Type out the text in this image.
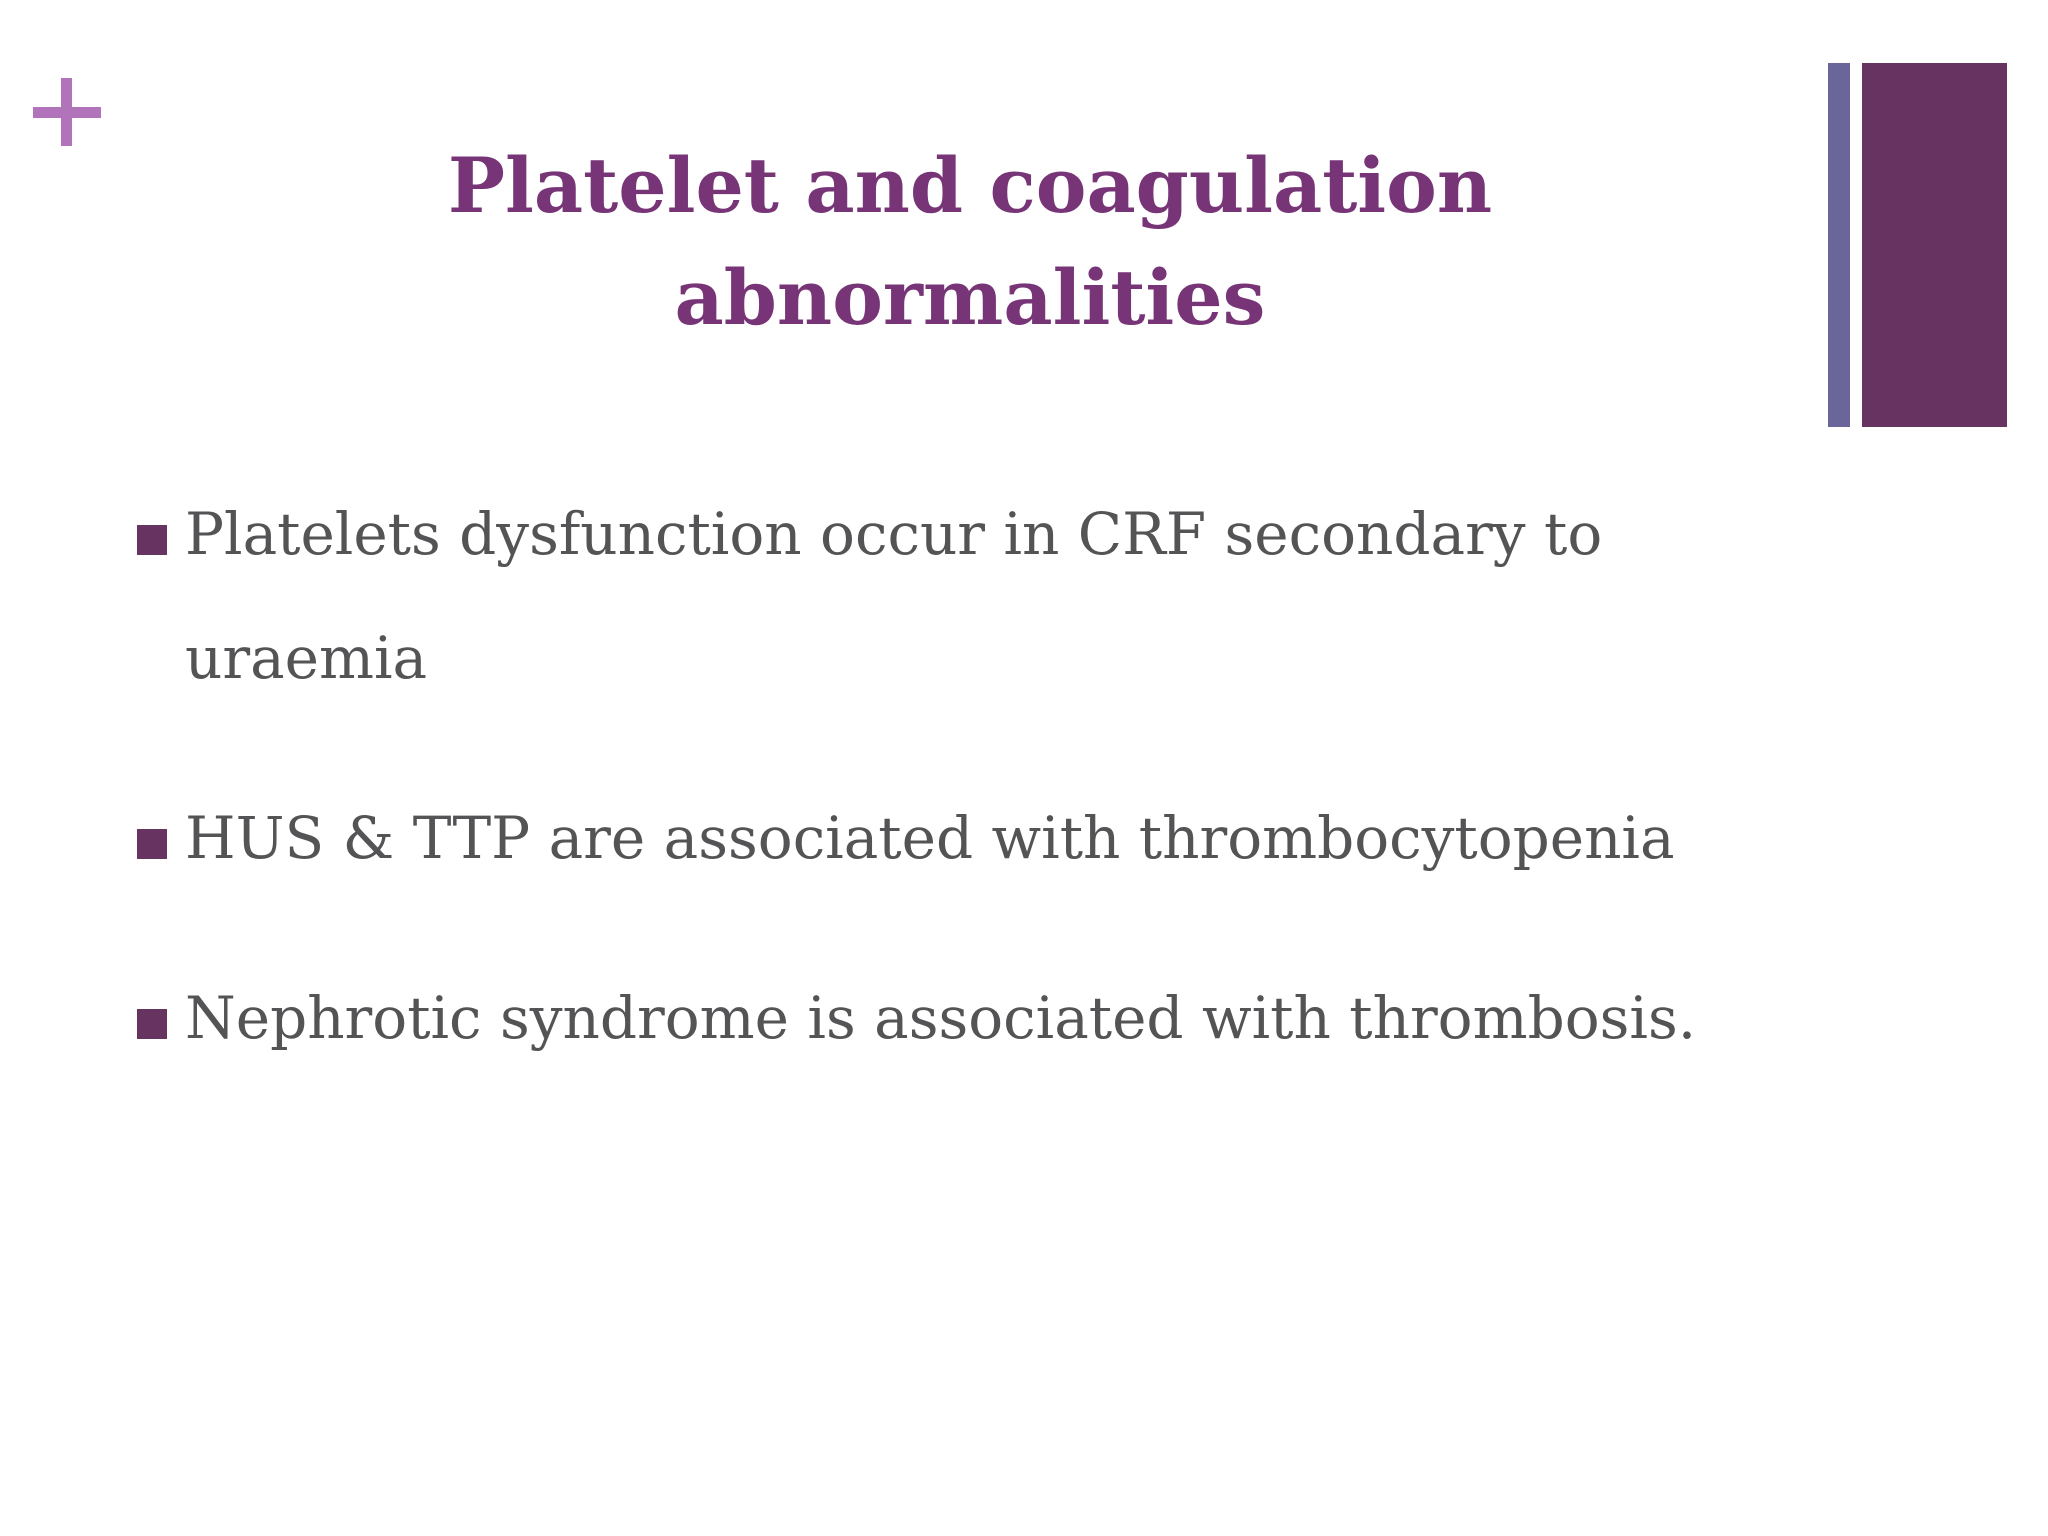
Platelet and coagulation abnormalities
Platelets dysfunction occur in CRF secondary to uraemia
HUS & TTP are associated with thrombocytopenia
Nephrotic syndrome is associated with thrombosis.
